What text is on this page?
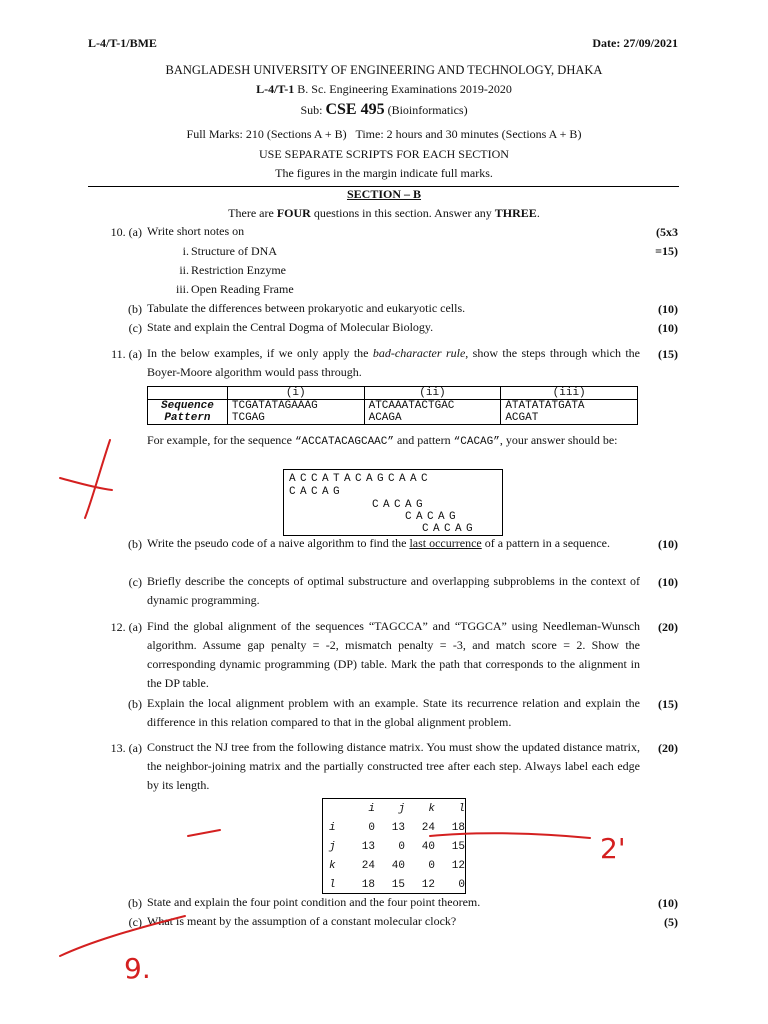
L-4/T-1/BME	Date: 27/09/2021
BANGLADESH UNIVERSITY OF ENGINEERING AND TECHNOLOGY, DHAKA
L-4/T-1 B. Sc. Engineering Examinations 2019-2020
Sub: CSE 495 (Bioinformatics)
Full Marks: 210 (Sections A + B)   Time: 2 hours and 30 minutes (Sections A + B)
USE SEPARATE SCRIPTS FOR EACH SECTION
The figures in the margin indicate full marks.
SECTION – B
There are FOUR questions in this section. Answer any THREE.
10. (a) Write short notes on	(5x3
=15)
i. Structure of DNA
ii. Restriction Enzyme
iii. Open Reading Frame
(b) Tabulate the differences between prokaryotic and eukaryotic cells.	(10)
(c) State and explain the Central Dogma of Molecular Biology.	(10)
11. (a) In the below examples, if we only apply the bad-character rule, show the steps through which the Boyer-Moore algorithm would pass through.
(15)
	(i)	(ii)	(iii)
Sequence	TCGATATAGAAAG	ATCAAATACTGAC	ATATATATGATA
Pattern	TCGAG	ACAGA	ACGAT
For example, for the sequence “ACCATACAGCAAC” and pattern “CACAG”, your answer should be:
ACCATACAGCAAC
CACAG
CACAG
CACAG
CACAG
(b) Write the pseudo code of a naive algorithm to find the last occurrence of a pattern in a sequence.	(10)
(c) Briefly describe the concepts of optimal substructure and overlapping subproblems in the context of dynamic programming.
(10)
12. (a) Find the global alignment of the sequences “TAGCCA” and “TGGCA” using Needleman-Wunsch algorithm. Assume gap penalty = -2, mismatch penalty = -3, and match score = 2. Show the corresponding dynamic programming (DP) table. Mark the path that corresponds to the alignment in the DP table.
(20)
(b) Explain the local alignment problem with an example. State its recurrence relation and explain the difference in this relation compared to that in the global alignment problem.
(15)
13. (a) Construct the NJ tree from the following distance matrix. You must show the updated distance matrix, the neighbor-joining matrix and the partially constructed tree after each step. Always label each edge by its length.
(20)
	i	j	k	l
i	0	13	24	18
j	13	0	40	15
k	24	40	0	12
l	18	15	12	0
(b) State and explain the four point condition and the four point theorem.	(10)
(c) What is meant by the assumption of a constant molecular clock?	(5)
2'
9.
